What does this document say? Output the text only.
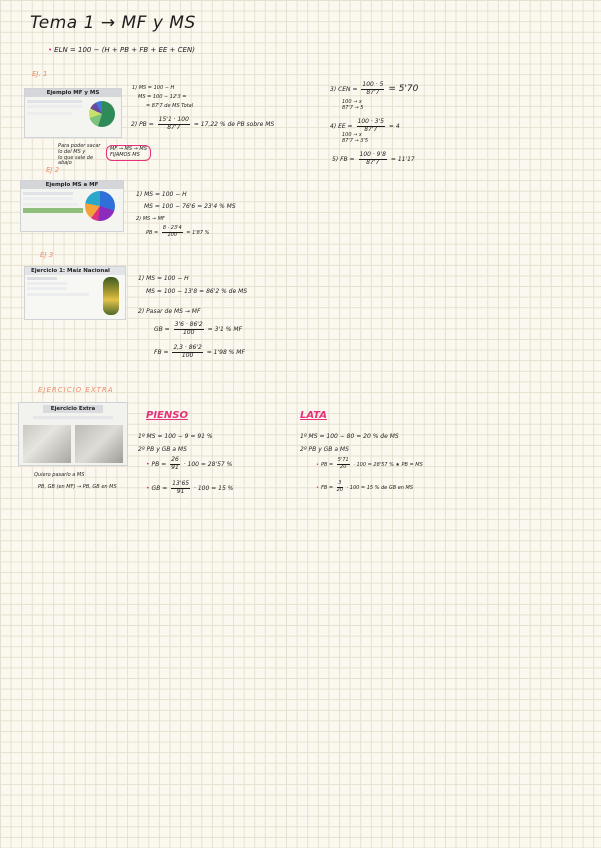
Tema 1 → MF y MS
• ELN = 100 − (H + PB + FB + EE + CEN)
EJ. 1
Ejemplo MF y MS
1) MS = 100 − H
MS = 100 − 12'3 =
= 87'7 de MS Total
2) PB = $\frac{15'1 \cdot 100}{87'7} = 17,22$ % de PB sobre MS
Para poder sacar
lo del MS y
lo que sale de
abajo
MF → MS → MS
FIJAMOS MS
3) CEN = $\frac{100 \cdot 5}{87'7} = 5'70$
100 → x
87'7 → 5
4) EE = $\frac{100 \cdot 3'5}{87'7} = 4$
100 → x
87'7 → 3'5
5) FB = $\frac{100 \cdot 9'8}{87'7} = 11'17$
EJ 2
Ejemplo MS a MF
1) MS = 100 − H
MS = 100 − 76'6 = 23'4 % MS
2) MS → MF
PB = $\frac{8 \cdot 23'4}{100} = 1'87$ %
EJ 3
Ejercicio 1: Maíz Nacional
1) MS = 100 − H
MS = 100 − 13'8 = 86'2 % de MS
2) Pasar de MS → MF
GB = $\frac{3'6 \cdot 86'2}{100} = 3'1$ % MF
FB = $\frac{2,3 \cdot 86'2}{100} = 1'98$ % MF
EJERCICIO EXTRA
Ejercicio Extra
Quiero pasarlo a MS
PB, GB (en MF) → PB, GB en MS
PIENSO
1º MS = 100 − 9 = 91 %
2º PB y GB a MS
• PB = $\frac{26}{91} \cdot 100 = 28'57$ %
• GB = $\frac{13'65}{91} \cdot 100 = 15$ %
LATA
1º MS = 100 − 80 = 20 % de MS
2º PB y GB a MS
• PB = $\frac{5'71}{20} \cdot 100 = 28'57$ % ★ PB = MS
• FB = $\frac{3}{20} \cdot 100 = 15$ % de GB en MS
